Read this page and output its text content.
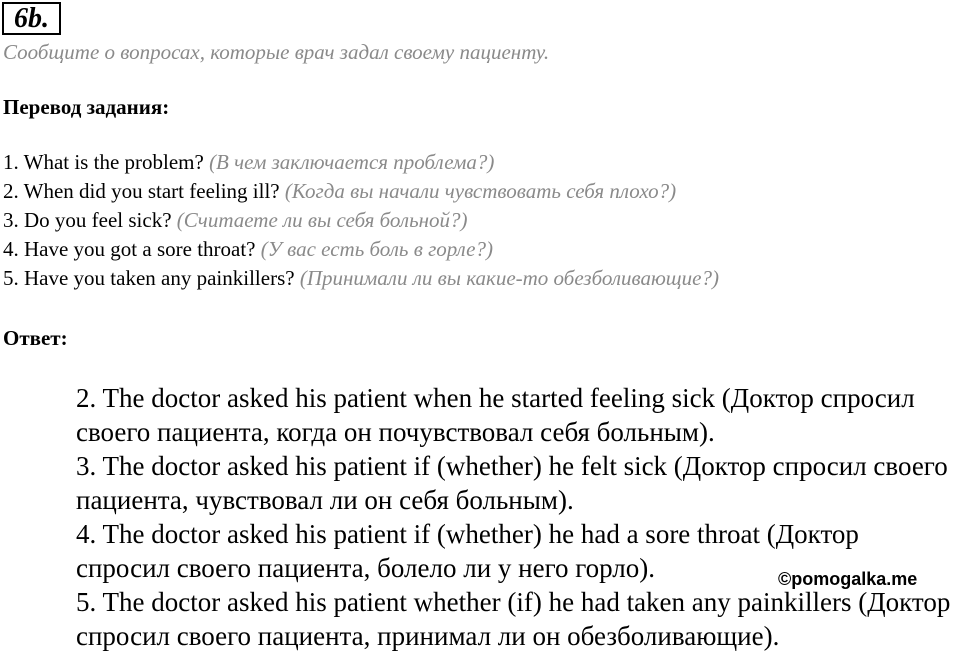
6b.
Сообщите о вопросах, которые врач задал своему пациенту.
Перевод задания:
1. What is the problem? (В чем заключается проблема?)
2. When did you start feeling ill? (Когда вы начали чувствовать себя плохо?)
3. Do you feel sick? (Считаете ли вы себя больной?)
4. Have you got a sore throat? (У вас есть боль в горле?)
5. Have you taken any painkillers? (Принимали ли вы какие-то обезболивающие?)
Ответ:
2. The doctor asked his patient when he started feeling sick (Доктор спросил своего пациента, когда он почувствовал себя больным).
3. The doctor asked his patient if (whether) he felt sick (Доктор спросил своего пациента, чувствовал ли он себя больным).
4. The doctor asked his patient if (whether) he had a sore throat (Доктор спросил своего пациента, болело ли у него горло).
5. The doctor asked his patient whether (if) he had taken any painkillers (Доктор спросил своего пациента, принимал ли он обезболивающие).
©pomogalka.me
